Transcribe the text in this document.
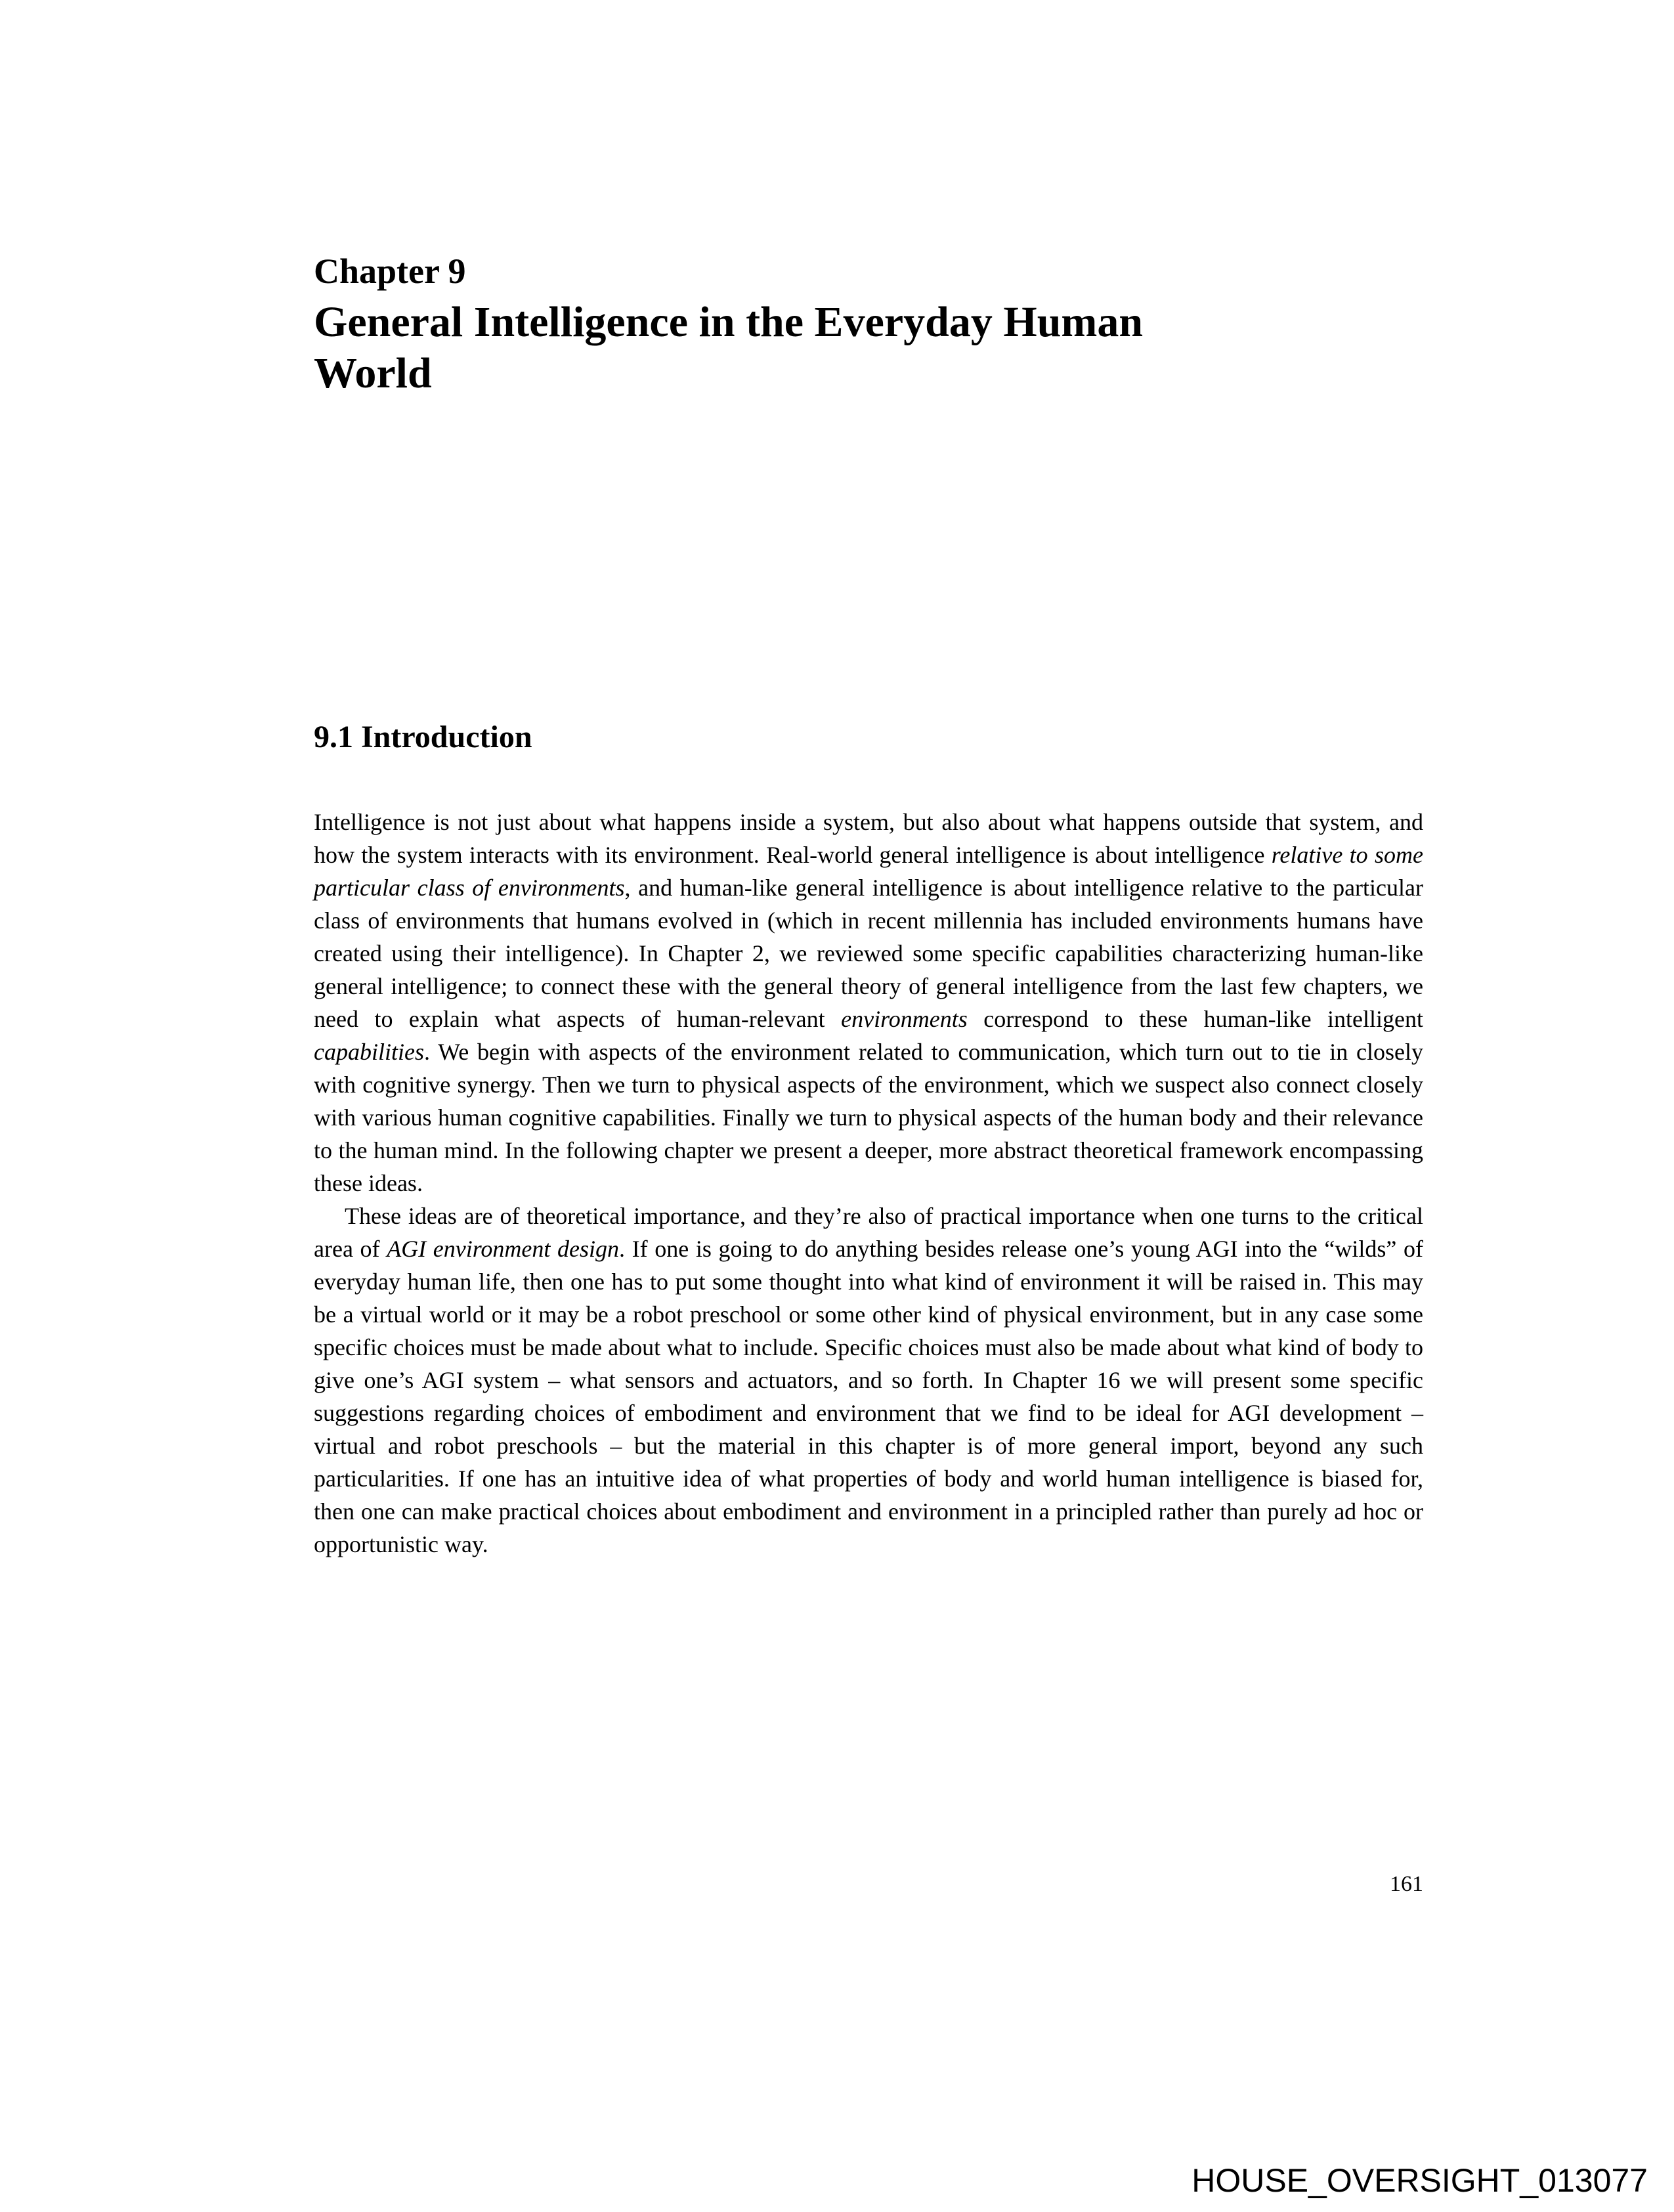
Chapter 9
General Intelligence in the Everyday Human
World
9.1 Introduction

Intelligence is not just about what happens inside a system, but also about what happens outside that system, and how the system interacts with its environment. Real-world general intelligence is about intelligence relative to some particular class of environments, and human-like general intelligence is about intelligence relative to the particular class of environments that humans evolved in (which in recent millennia has included environments humans have created using their intelligence). In Chapter 2, we reviewed some specific capabilities characterizing human-like general intelligence; to connect these with the general theory of general intelligence from the last few chapters, we need to explain what aspects of human-relevant environments correspond to these human-like intelligent capabilities. We begin with aspects of the environment related to communication, which turn out to tie in closely with cognitive synergy. Then we turn to physical aspects of the environment, which we suspect also connect closely with various human cognitive capabilities. Finally we turn to physical aspects of the human body and their relevance to the human mind. In the following chapter we present a deeper, more abstract theoretical framework encompassing these ideas.

These ideas are of theoretical importance, and they’re also of practical importance when one turns to the critical area of AGI environment design. If one is going to do anything besides release one’s young AGI into the “wilds” of everyday human life, then one has to put some thought into what kind of environment it will be raised in. This may be a virtual world or it may be a robot preschool or some other kind of physical environment, but in any case some specific choices must be made about what to include. Specific choices must also be made about what kind of body to give one’s AGI system – what sensors and actuators, and so forth. In Chapter 16 we will present some specific suggestions regarding choices of embodiment and environment that we find to be ideal for AGI development – virtual and robot preschools – but the material in this chapter is of more general import, beyond any such particularities. If one has an intuitive idea of what properties of body and world human intelligence is biased for, then one can make practical choices about embodiment and environment in a principled rather than purely ad hoc or opportunistic way.

161
HOUSE_OVERSIGHT_013077
